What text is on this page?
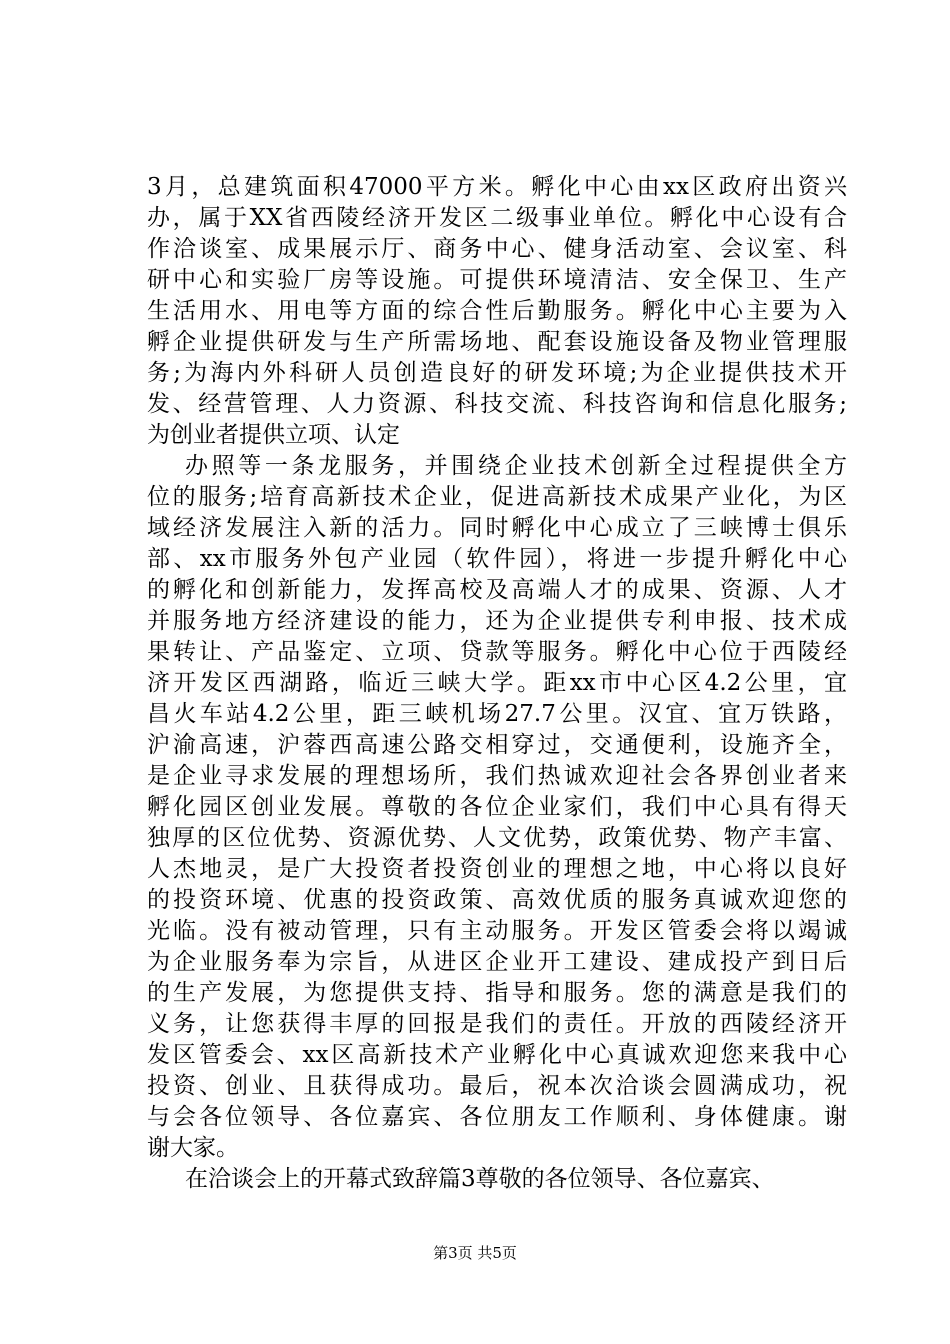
3月，总建筑面积47000平方米。孵化中心由xx区政府出资兴
办，属于XX省西陵经济开发区二级事业单位。孵化中心设有合
作洽谈室、成果展示厅、商务中心、健身活动室、会议室、科
研中心和实验厂房等设施。可提供环境清洁、安全保卫、生产
生活用水、用电等方面的综合性后勤服务。孵化中心主要为入
孵企业提供研发与生产所需场地、配套设施设备及物业管理服
务;为海内外科研人员创造良好的研发环境;为企业提供技术开
发、经营管理、人力资源、科技交流、科技咨询和信息化服务;
为创业者提供立项、认定
办照等一条龙服务，并围绕企业技术创新全过程提供全方
位的服务;培育高新技术企业，促进高新技术成果产业化，为区
域经济发展注入新的活力。同时孵化中心成立了三峡博士俱乐
部、xx市服务外包产业园（软件园），将进一步提升孵化中心
的孵化和创新能力，发挥高校及高端人才的成果、资源、人才
并服务地方经济建设的能力，还为企业提供专利申报、技术成
果转让、产品鉴定、立项、贷款等服务。孵化中心位于西陵经
济开发区西湖路，临近三峡大学。距xx市中心区4.2公里，宜
昌火车站4.2公里，距三峡机场27.7公里。汉宜、宜万铁路，
沪渝高速，沪蓉西高速公路交相穿过，交通便利，设施齐全，
是企业寻求发展的理想场所，我们热诚欢迎社会各界创业者来
孵化园区创业发展。尊敬的各位企业家们，我们中心具有得天
独厚的区位优势、资源优势、人文优势，政策优势、物产丰富、
人杰地灵，是广大投资者投资创业的理想之地，中心将以良好
的投资环境、优惠的投资政策、高效优质的服务真诚欢迎您的
光临。没有被动管理，只有主动服务。开发区管委会将以竭诚
为企业服务奉为宗旨，从进区企业开工建设、建成投产到日后
的生产发展，为您提供支持、指导和服务。您的满意是我们的
义务，让您获得丰厚的回报是我们的责任。开放的西陵经济开
发区管委会、xx区高新技术产业孵化中心真诚欢迎您来我中心
投资、创业、且获得成功。最后，祝本次洽谈会圆满成功，祝
与会各位领导、各位嘉宾、各位朋友工作顺利、身体健康。谢
谢大家。
在洽谈会上的开幕式致辞篇3尊敬的各位领导、各位嘉宾、
第3页 共5页
